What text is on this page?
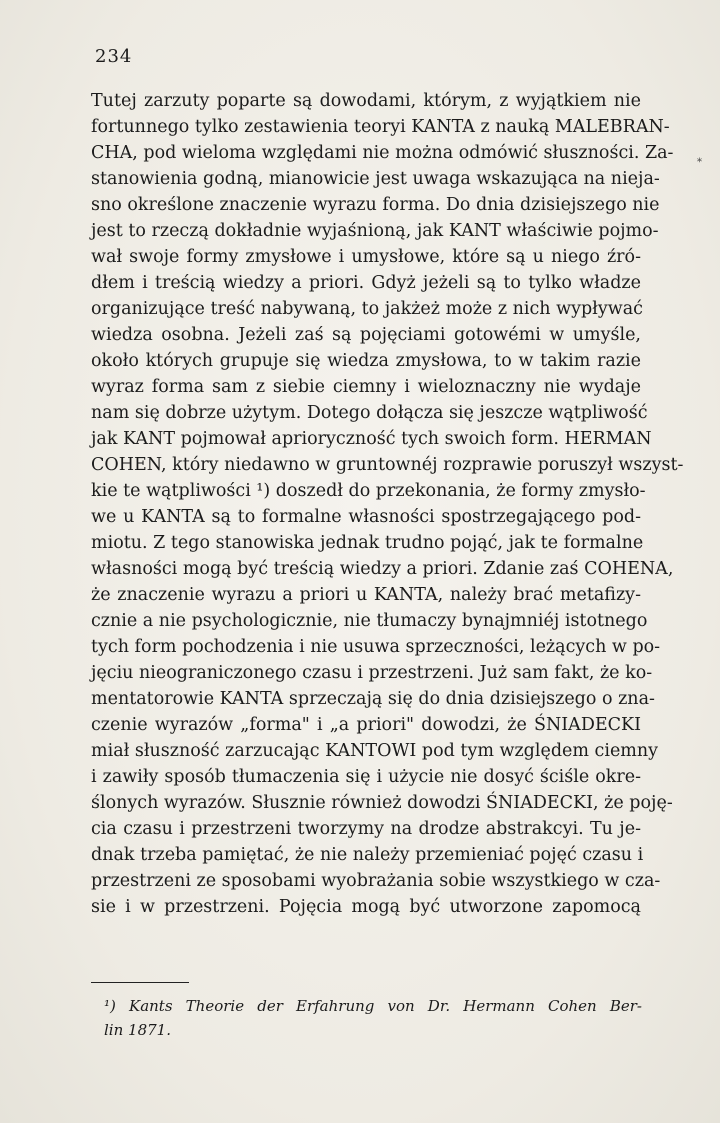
234
*
Tutej zarzuty poparte są dowodami, którym, z wyjątkiem nie
fortunnego tylko zestawienia teoryi KANTA z nauką MALEBRAN-
CHA, pod wieloma względami nie można odmówić słuszności. Za-
stanowienia godną, mianowicie jest uwaga wskazująca na nieja-
sno określone znaczenie wyrazu forma. Do dnia dzisiejszego nie
jest to rzeczą dokładnie wyjaśnioną, jak KANT właściwie pojmo-
wał swoje formy zmysłowe i umysłowe, które są u niego źró-
dłem i treścią wiedzy a priori. Gdyż jeżeli są to tylko władze
organizujące treść nabywaną, to jakżeż może z nich wypływać
wiedza osobna. Jeżeli zaś są pojęciami gotowémi w umyśle,
około których grupuje się wiedza zmysłowa, to w takim razie
wyraz forma sam z siebie ciemny i wieloznaczny nie wydaje
nam się dobrze użytym. Dotego dołącza się jeszcze wątpliwość
jak KANT pojmował aprioryczność tych swoich form. HERMAN
COHEN, który niedawno w gruntownéj rozprawie poruszył wszyst-
kie te wątpliwości ¹) doszedł do przekonania, że formy zmysło-
we u KANTA są to formalne własności spostrzegającego pod-
miotu. Z tego stanowiska jednak trudno pojąć, jak te formalne
własności mogą być treścią wiedzy a priori. Zdanie zaś COHENA,
że znaczenie wyrazu a priori u KANTA, należy brać metafizy-
cznie a nie psychologicznie, nie tłumaczy bynajmniéj istotnego
tych form pochodzenia i nie usuwa sprzeczności, leżących w po-
jęciu nieograniczonego czasu i przestrzeni. Już sam fakt, że ko-
mentatorowie KANTA sprzeczają się do dnia dzisiejszego o zna-
czenie wyrazów „forma" i „a priori" dowodzi, że ŚNIADECKI
miał słuszność zarzucając KANTOWI pod tym względem ciemny
i zawiły sposób tłumaczenia się i użycie nie dosyć ściśle okre-
ślonych wyrazów. Słusznie również dowodzi ŚNIADECKI, że poję-
cia czasu i przestrzeni tworzymy na drodze abstrakcyi. Tu je-
dnak trzeba pamiętać, że nie należy przemieniać pojęć czasu i
przestrzeni ze sposobami wyobrażania sobie wszystkiego w cza-
sie i w przestrzeni. Pojęcia mogą być utworzone zapomocą
¹) Kants Theorie der Erfahrung von Dr. Hermann Cohen Ber-
lin 1871.
